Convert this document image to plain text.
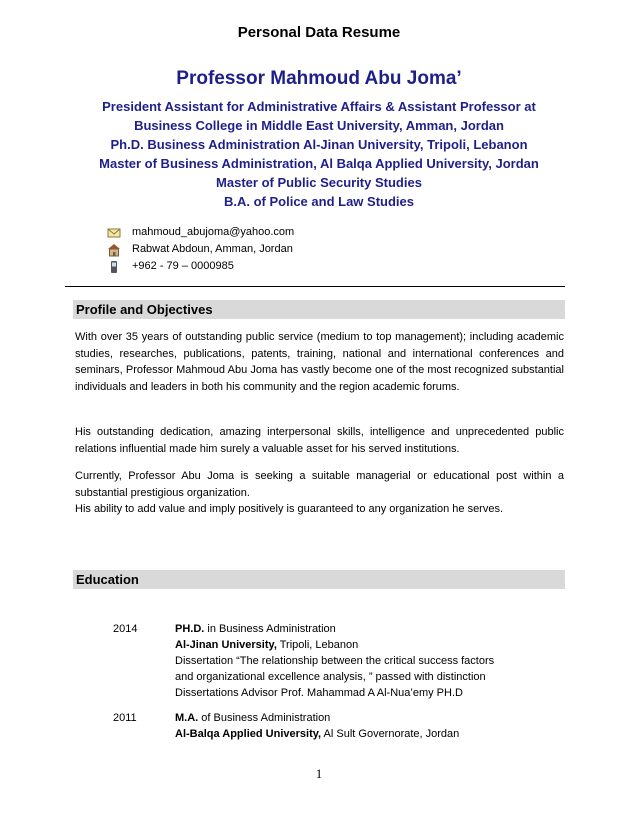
Personal Data Resume
Professor Mahmoud Abu Joma’
President Assistant for Administrative Affairs & Assistant Professor at
Business College in Middle East University, Amman, Jordan
Ph.D. Business Administration Al-Jinan University, Tripoli, Lebanon
Master of Business Administration, Al Balqa Applied University, Jordan
Master of Public Security Studies
B.A. of Police and Law Studies
mahmoud_abujoma@yahoo.com
Rabwat Abdoun, Amman, Jordan
+962 - 79 – 0000985
Profile and Objectives

With over 35 years of outstanding public service (medium to top management); including academic studies, researches, publications, patents, training, national and international conferences and seminars, Professor Mahmoud Abu Joma has vastly become one of the most recognized substantial individuals and leaders in both his community and the region academic forums.

His outstanding dedication, amazing interpersonal skills, intelligence and unprecedented public relations influential made him surely a valuable asset for his served institutions.

Currently, Professor Abu Joma is seeking a suitable managerial or educational post within a substantial prestigious organization.

His ability to add value and imply positively is guaranteed to any organization he serves.

Education
2014	PH.D. in Business Administration
Al-Jinan University, Tripoli, Lebanon
Dissertation “The relationship between the critical success factors
and organizational excellence analysis, ” passed with distinction
Dissertations Advisor Prof. Mahammad A Al-Nua’emy PH.D
2011	M.A. of Business Administration
Al-Balqa Applied University, Al Sult Governorate, Jordan
1
